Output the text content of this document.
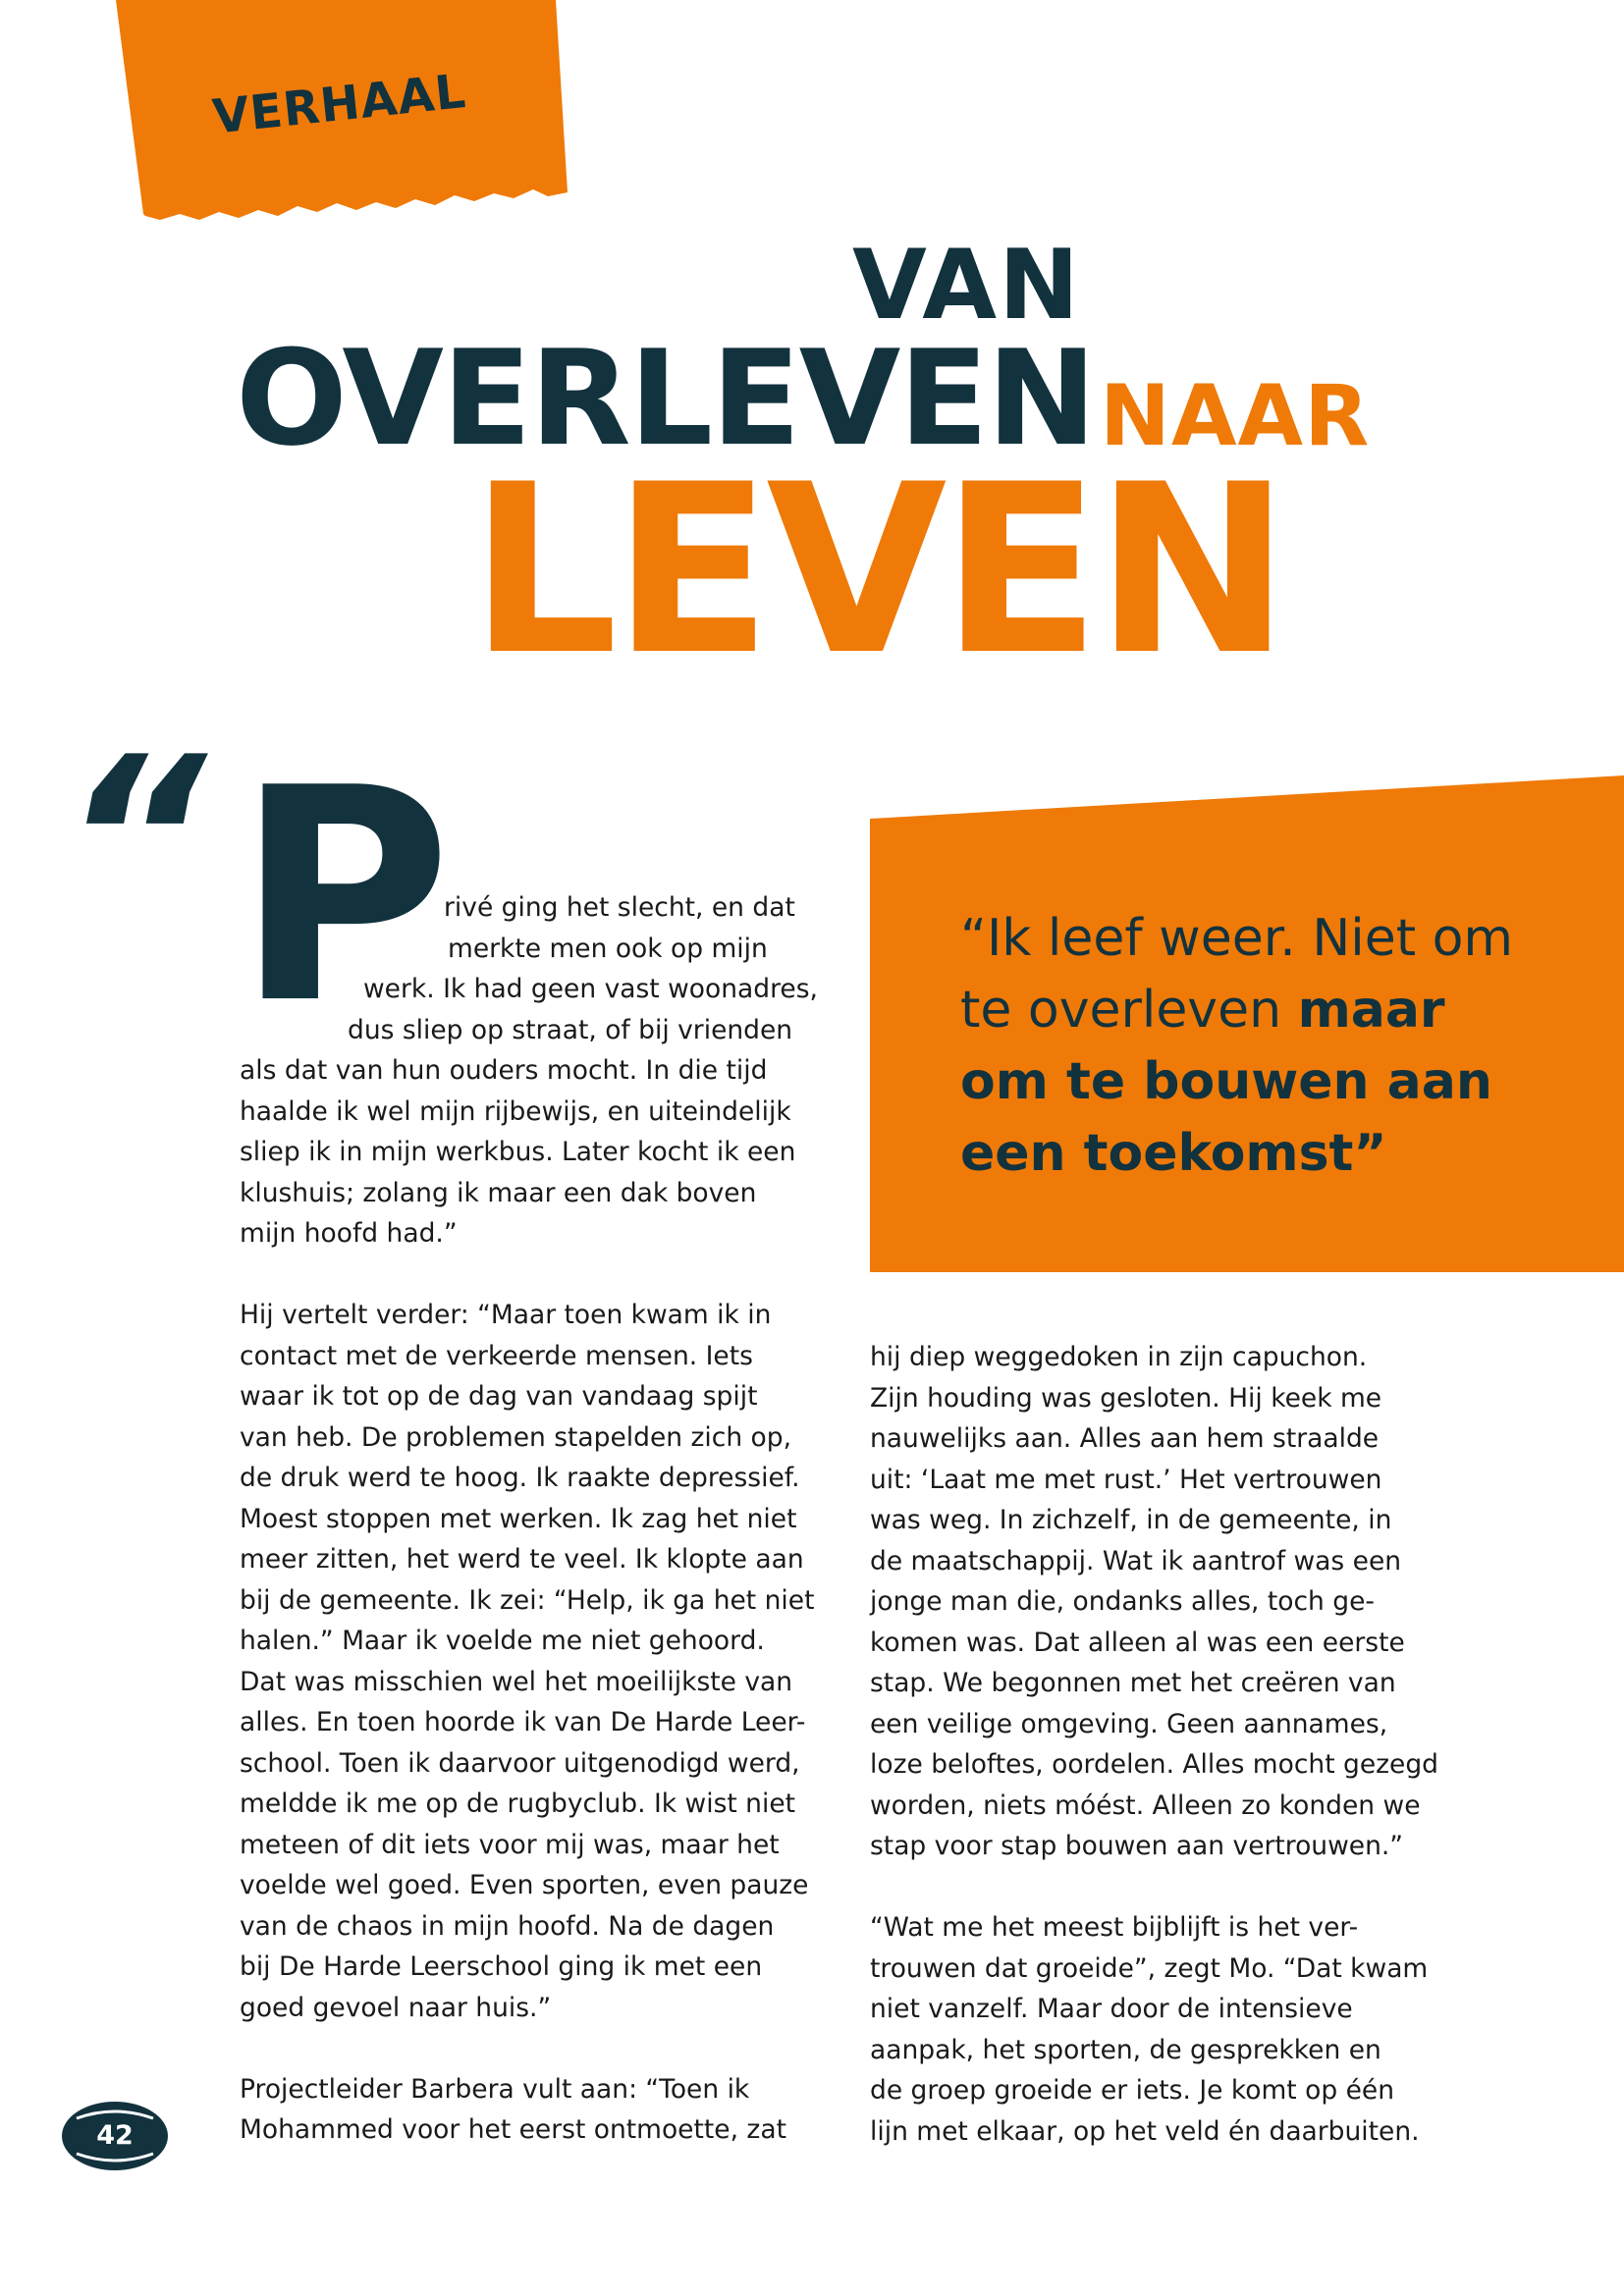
VERHAAL
VAN
OVERLEVEN NAAR
LEVEN
“ P
rivé ging het slecht, en dat
merkte men ook op mijn
werk. Ik had geen vast woonadres,
dus sliep op straat, of bij vrienden
als dat van hun ouders mocht. In die tijd
haalde ik wel mijn rijbewijs, en uiteindelijk
sliep ik in mijn werkbus. Later kocht ik een
klushuis; zolang ik maar een dak boven
mijn hoofd had.”
Hij vertelt verder: “Maar toen kwam ik in
contact met de verkeerde mensen. Iets
waar ik tot op de dag van vandaag spijt
van heb. De problemen stapelden zich op,
de druk werd te hoog. Ik raakte depressief.
Moest stoppen met werken. Ik zag het niet
meer zitten, het werd te veel. Ik klopte aan
bij de gemeente. Ik zei: “Help, ik ga het niet
halen.” Maar ik voelde me niet gehoord.
Dat was misschien wel het moeilijkste van
alles. En toen hoorde ik van De Harde Leer-
school. Toen ik daarvoor uitgenodigd werd,
meldde ik me op de rugbyclub. Ik wist niet
meteen of dit iets voor mij was, maar het
voelde wel goed. Even sporten, even pauze
van de chaos in mijn hoofd. Na de dagen
bij De Harde Leerschool ging ik met een
goed gevoel naar huis.”
Projectleider Barbera vult aan: “Toen ik
Mohammed voor het eerst ontmoette, zat
“Ik leef weer. Niet om
te overleven maar
om te bouwen aan
een toekomst”
hij diep weggedoken in zijn capuchon.
Zijn houding was gesloten. Hij keek me
nauwelijks aan. Alles aan hem straalde
uit: ‘Laat me met rust.’ Het vertrouwen
was weg. In zichzelf, in de gemeente, in
de maatschappij. Wat ik aantrof was een
jonge man die, ondanks alles, toch ge-
komen was. Dat alleen al was een eerste
stap. We begonnen met het creëren van
een veilige omgeving. Geen aannames,
loze beloftes, oordelen. Alles mocht gezegd
worden, niets móést. Alleen zo konden we
stap voor stap bouwen aan vertrouwen.”
“Wat me het meest bijblijft is het ver-
trouwen dat groeide”, zegt Mo. “Dat kwam
niet vanzelf. Maar door de intensieve
aanpak, het sporten, de gesprekken en
de groep groeide er iets. Je komt op één
lijn met elkaar, op het veld én daarbuiten.
42
